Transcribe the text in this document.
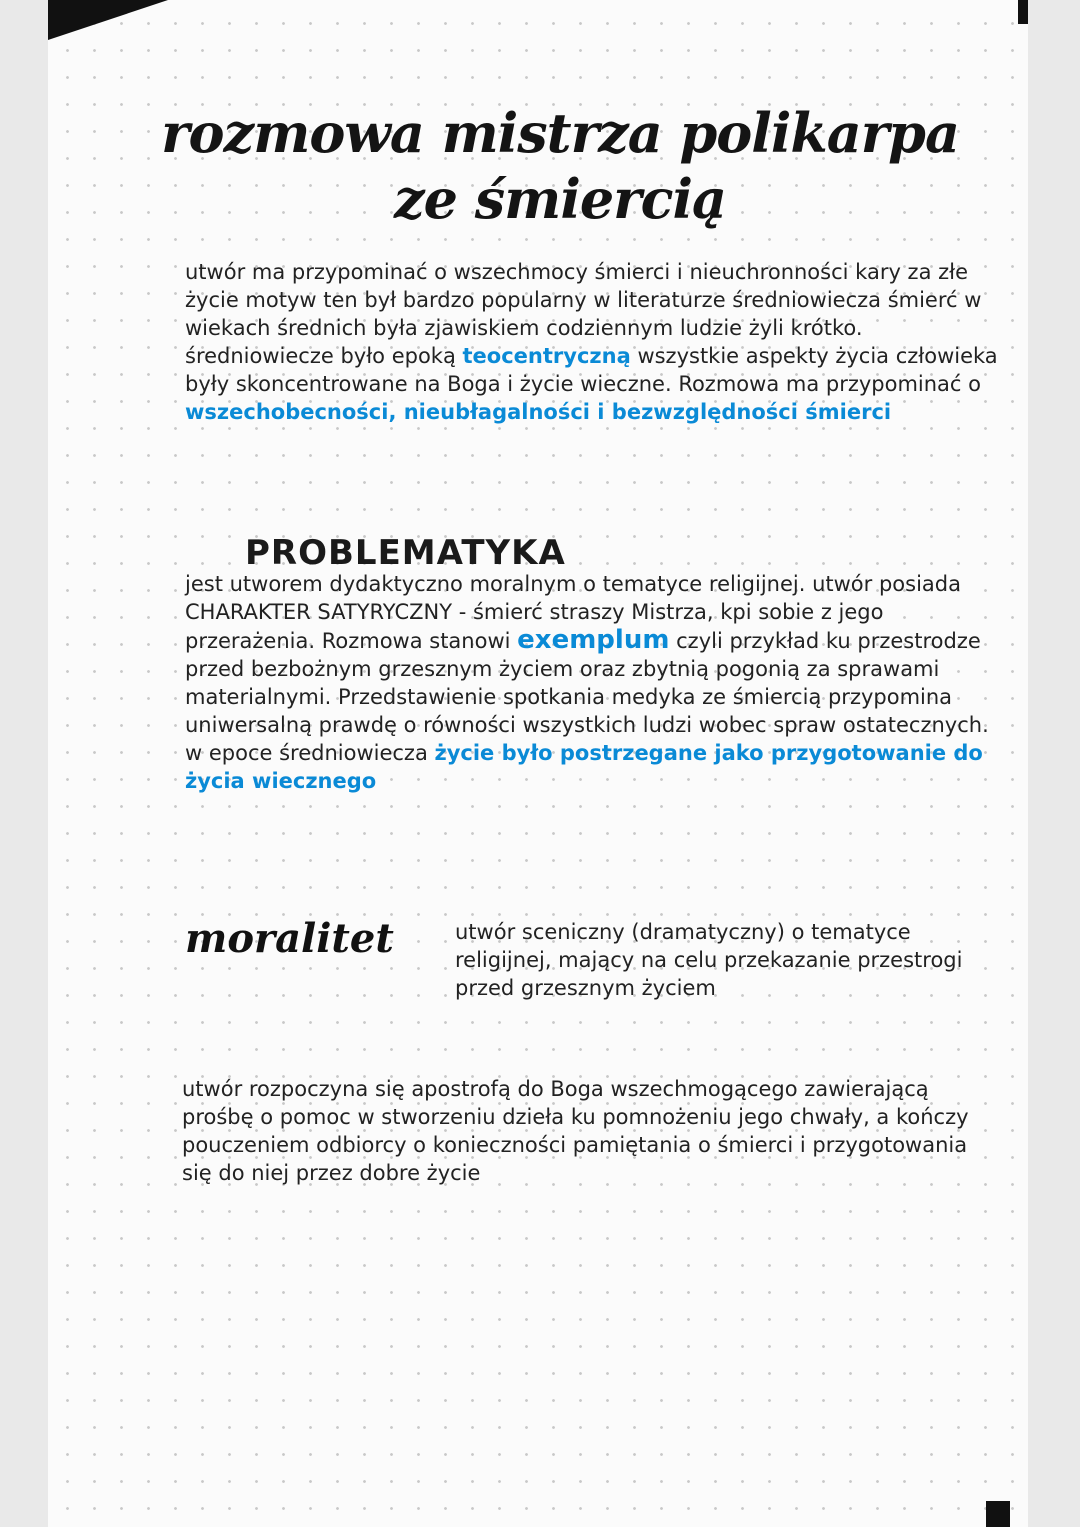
rozmowa mistrza polikarpa ze śmiercią
utwór ma przypominać o wszechmocy śmierci i nieuchronności kary za złe życie motyw ten był bardzo popularny w literaturze średniowiecza śmierć w wiekach średnich była zjawiskiem codziennym ludzie żyli krótko. średniowiecze było epoką teocentryczną wszystkie aspekty życia człowieka były skoncentrowane na Boga i życie wieczne. Rozmowa ma przypominać o wszechobecności, nieubłagalności i bezwzględności śmierci
PROBLEMATYKA
jest utworem dydaktyczno moralnym o tematyce religijnej. utwór posiada CHARAKTER SATYRYCZNY - śmierć straszy Mistrza, kpi sobie z jego przerażenia. Rozmowa stanowi exemplum czyli przykład ku przestrodze przed bezbożnym grzesznym życiem oraz zbytnią pogonią za sprawami materialnymi. Przedstawienie spotkania medyka ze śmiercią przypomina uniwersalną prawdę o równości wszystkich ludzi wobec spraw ostatecznych. w epoce średniowiecza życie było postrzegane jako przygotowanie do życia wiecznego
moralitet	utwór sceniczny (dramatyczny) o tematyce religijnej, mający na celu przekazanie przestrogi przed grzesznym życiem
utwór rozpoczyna się apostrofą do Boga wszechmogącego zawierającą prośbę o pomoc w stworzeniu dzieła ku pomnożeniu jego chwały, a kończy pouczeniem odbiorcy o konieczności pamiętania o śmierci i przygotowania się do niej przez dobre życie
